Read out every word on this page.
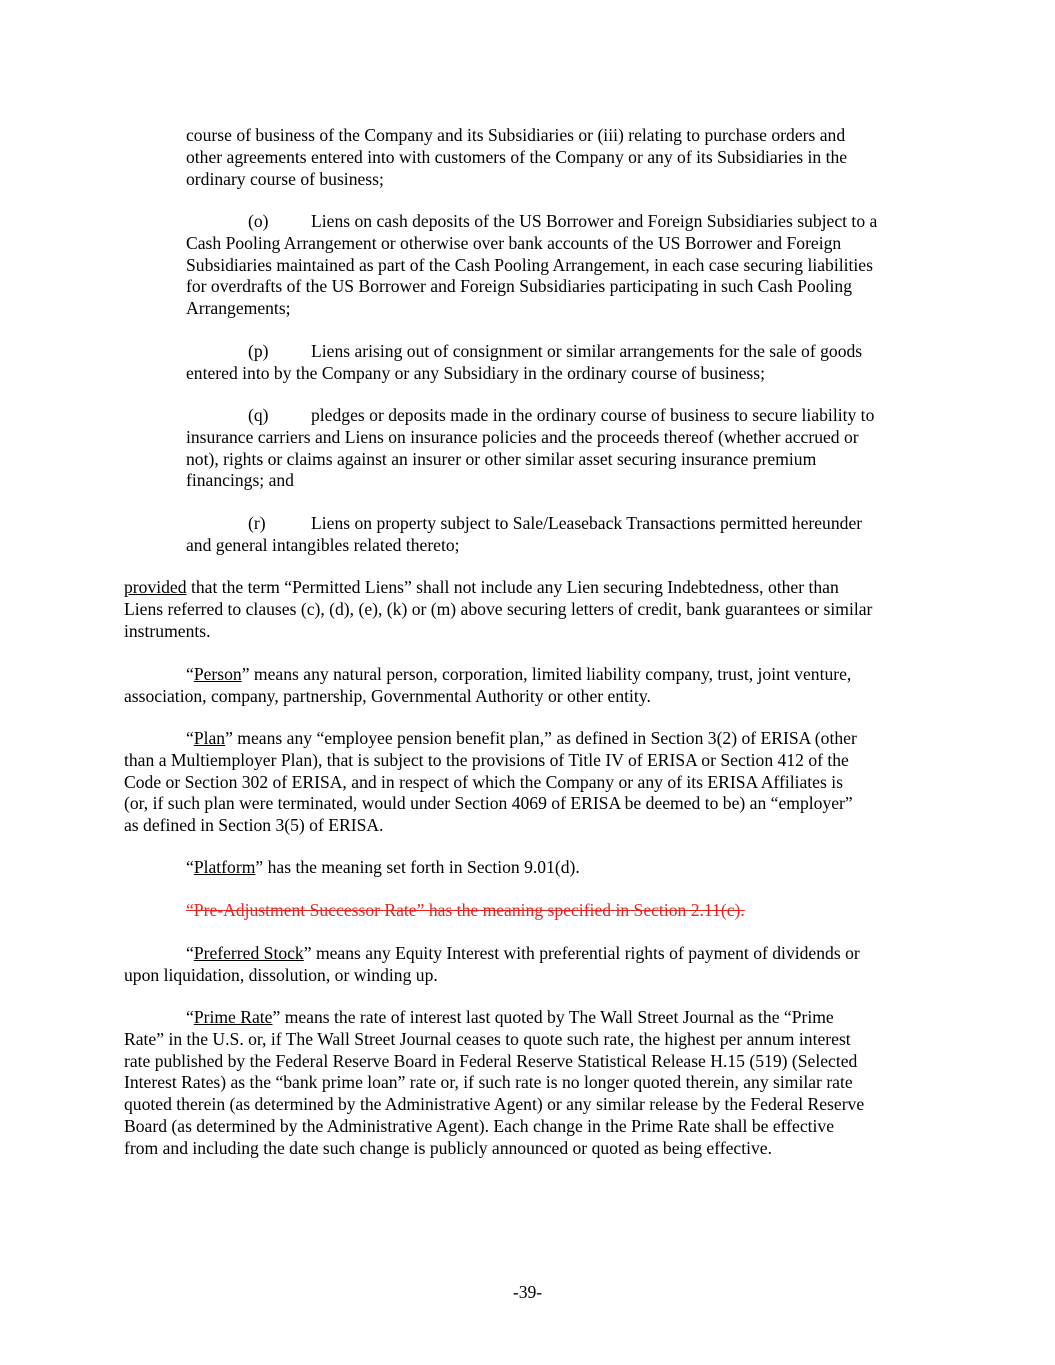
course of business of the Company and its Subsidiaries or (iii) relating to purchase orders and
other agreements entered into with customers of the Company or any of its Subsidiaries in the
ordinary course of business;
(o) Liens on cash deposits of the US Borrower and Foreign Subsidiaries subject to a
Cash Pooling Arrangement or otherwise over bank accounts of the US Borrower and Foreign
Subsidiaries maintained as part of the Cash Pooling Arrangement, in each case securing liabilities
for overdrafts of the US Borrower and Foreign Subsidiaries participating in such Cash Pooling
Arrangements;
(p) Liens arising out of consignment or similar arrangements for the sale of goods
entered into by the Company or any Subsidiary in the ordinary course of business;
(q) pledges or deposits made in the ordinary course of business to secure liability to
insurance carriers and Liens on insurance policies and the proceeds thereof (whether accrued or
not), rights or claims against an insurer or other similar asset securing insurance premium
financings; and
(r)	Liens on property subject to Sale/Leaseback Transactions permitted hereunder
and general intangibles related thereto;
provided that the term “Permitted Liens” shall not include any Lien securing Indebtedness, other than
Liens referred to clauses (c), (d), (e), (k) or (m) above securing letters of credit, bank guarantees or similar
instruments.
“Person” means any natural person, corporation, limited liability company, trust, joint venture,
association, company, partnership, Governmental Authority or other entity.
“Plan” means any “employee pension benefit plan,” as defined in Section 3(2) of ERISA (other
than a Multiemployer Plan), that is subject to the provisions of Title IV of ERISA or Section 412 of the
Code or Section 302 of ERISA, and in respect of which the Company or any of its ERISA Affiliates is
(or, if such plan were terminated, would under Section 4069 of ERISA be deemed to be) an “employer”
as defined in Section 3(5) of ERISA.
“Platform” has the meaning set forth in Section 9.01(d).
“Pre-Adjustment Successor Rate” has the meaning specified in Section 2.11(c).
“Preferred Stock” means any Equity Interest with preferential rights of payment of dividends or
upon liquidation, dissolution, or winding up.
“Prime Rate” means the rate of interest last quoted by The Wall Street Journal as the “Prime
Rate” in the U.S. or, if The Wall Street Journal ceases to quote such rate, the highest per annum interest
rate published by the Federal Reserve Board in Federal Reserve Statistical Release H.15 (519) (Selected
Interest Rates) as the “bank prime loan” rate or, if such rate is no longer quoted therein, any similar rate
quoted therein (as determined by the Administrative Agent) or any similar release by the Federal Reserve
Board (as determined by the Administrative Agent). Each change in the Prime Rate shall be effective
from and including the date such change is publicly announced or quoted as being effective.

-39-
